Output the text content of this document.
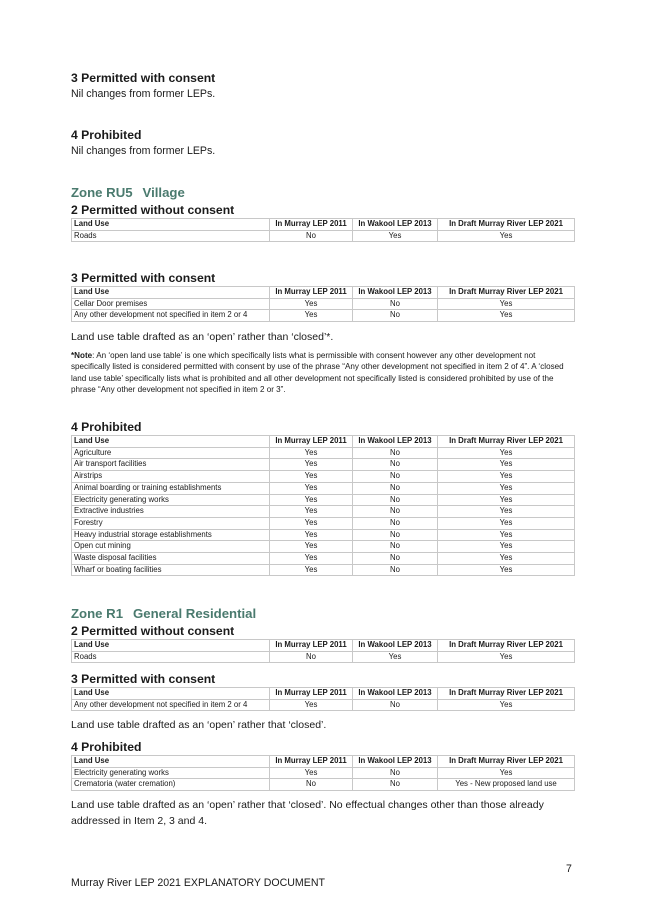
3 Permitted with consent
Nil changes from former LEPs.
4 Prohibited
Nil changes from former LEPs.
Zone RU5 Village
2 Permitted without consent
Land Use	In Murray LEP 2011	In Wakool LEP 2013	In Draft Murray River LEP 2021
Roads	No	Yes	Yes
3 Permitted with consent
Land Use	In Murray LEP 2011	In Wakool LEP 2013	In Draft Murray River LEP 2021
Cellar Door premises	Yes	No	Yes
Any other development not specified in item 2 or 4	Yes	No	Yes
Land use table drafted as an ‘open’ rather than ‘closed’*.
*Note: An ‘open land use table’ is one which specifically lists what is permissible with consent however any other development not specifically listed is considered permitted with consent by use of the phrase “Any other development not specified in item 2 of 4”. A ‘closed land use table’ specifically lists what is prohibited and all other development not specifically listed is considered prohibited by use of the phrase “Any other development not specified in item 2 or 3”.
4 Prohibited
Land Use	In Murray LEP 2011	In Wakool LEP 2013	In Draft Murray River LEP 2021
Agriculture	Yes	No	Yes
Air transport facilities	Yes	No	Yes
Airstrips	Yes	No	Yes
Animal boarding or training establishments	Yes	No	Yes
Electricity generating works	Yes	No	Yes
Extractive industries	Yes	No	Yes
Forestry	Yes	No	Yes
Heavy industrial storage establishments	Yes	No	Yes
Open cut mining	Yes	No	Yes
Waste disposal facilities	Yes	No	Yes
Wharf or boating facilities	Yes	No	Yes
Zone R1 General Residential
2 Permitted without consent
Land Use	In Murray LEP 2011	In Wakool LEP 2013	In Draft Murray River LEP 2021
Roads	No	Yes	Yes
3 Permitted with consent
Land Use	In Murray LEP 2011	In Wakool LEP 2013	In Draft Murray River LEP 2021
Any other development not specified in item 2 or 4	Yes	No	Yes
Land use table drafted as an ‘open’ rather that ‘closed’.
4 Prohibited
Land Use	In Murray LEP 2011	In Wakool LEP 2013	In Draft Murray River LEP 2021
Electricity generating works	Yes	No	Yes
Crematoria (water cremation)	No	No	Yes - New proposed land use
Land use table drafted as an ‘open’ rather that ‘closed’. No effectual changes other than those already addressed in Item 2, 3 and 4.
7
Murray River LEP 2021 EXPLANATORY DOCUMENT
